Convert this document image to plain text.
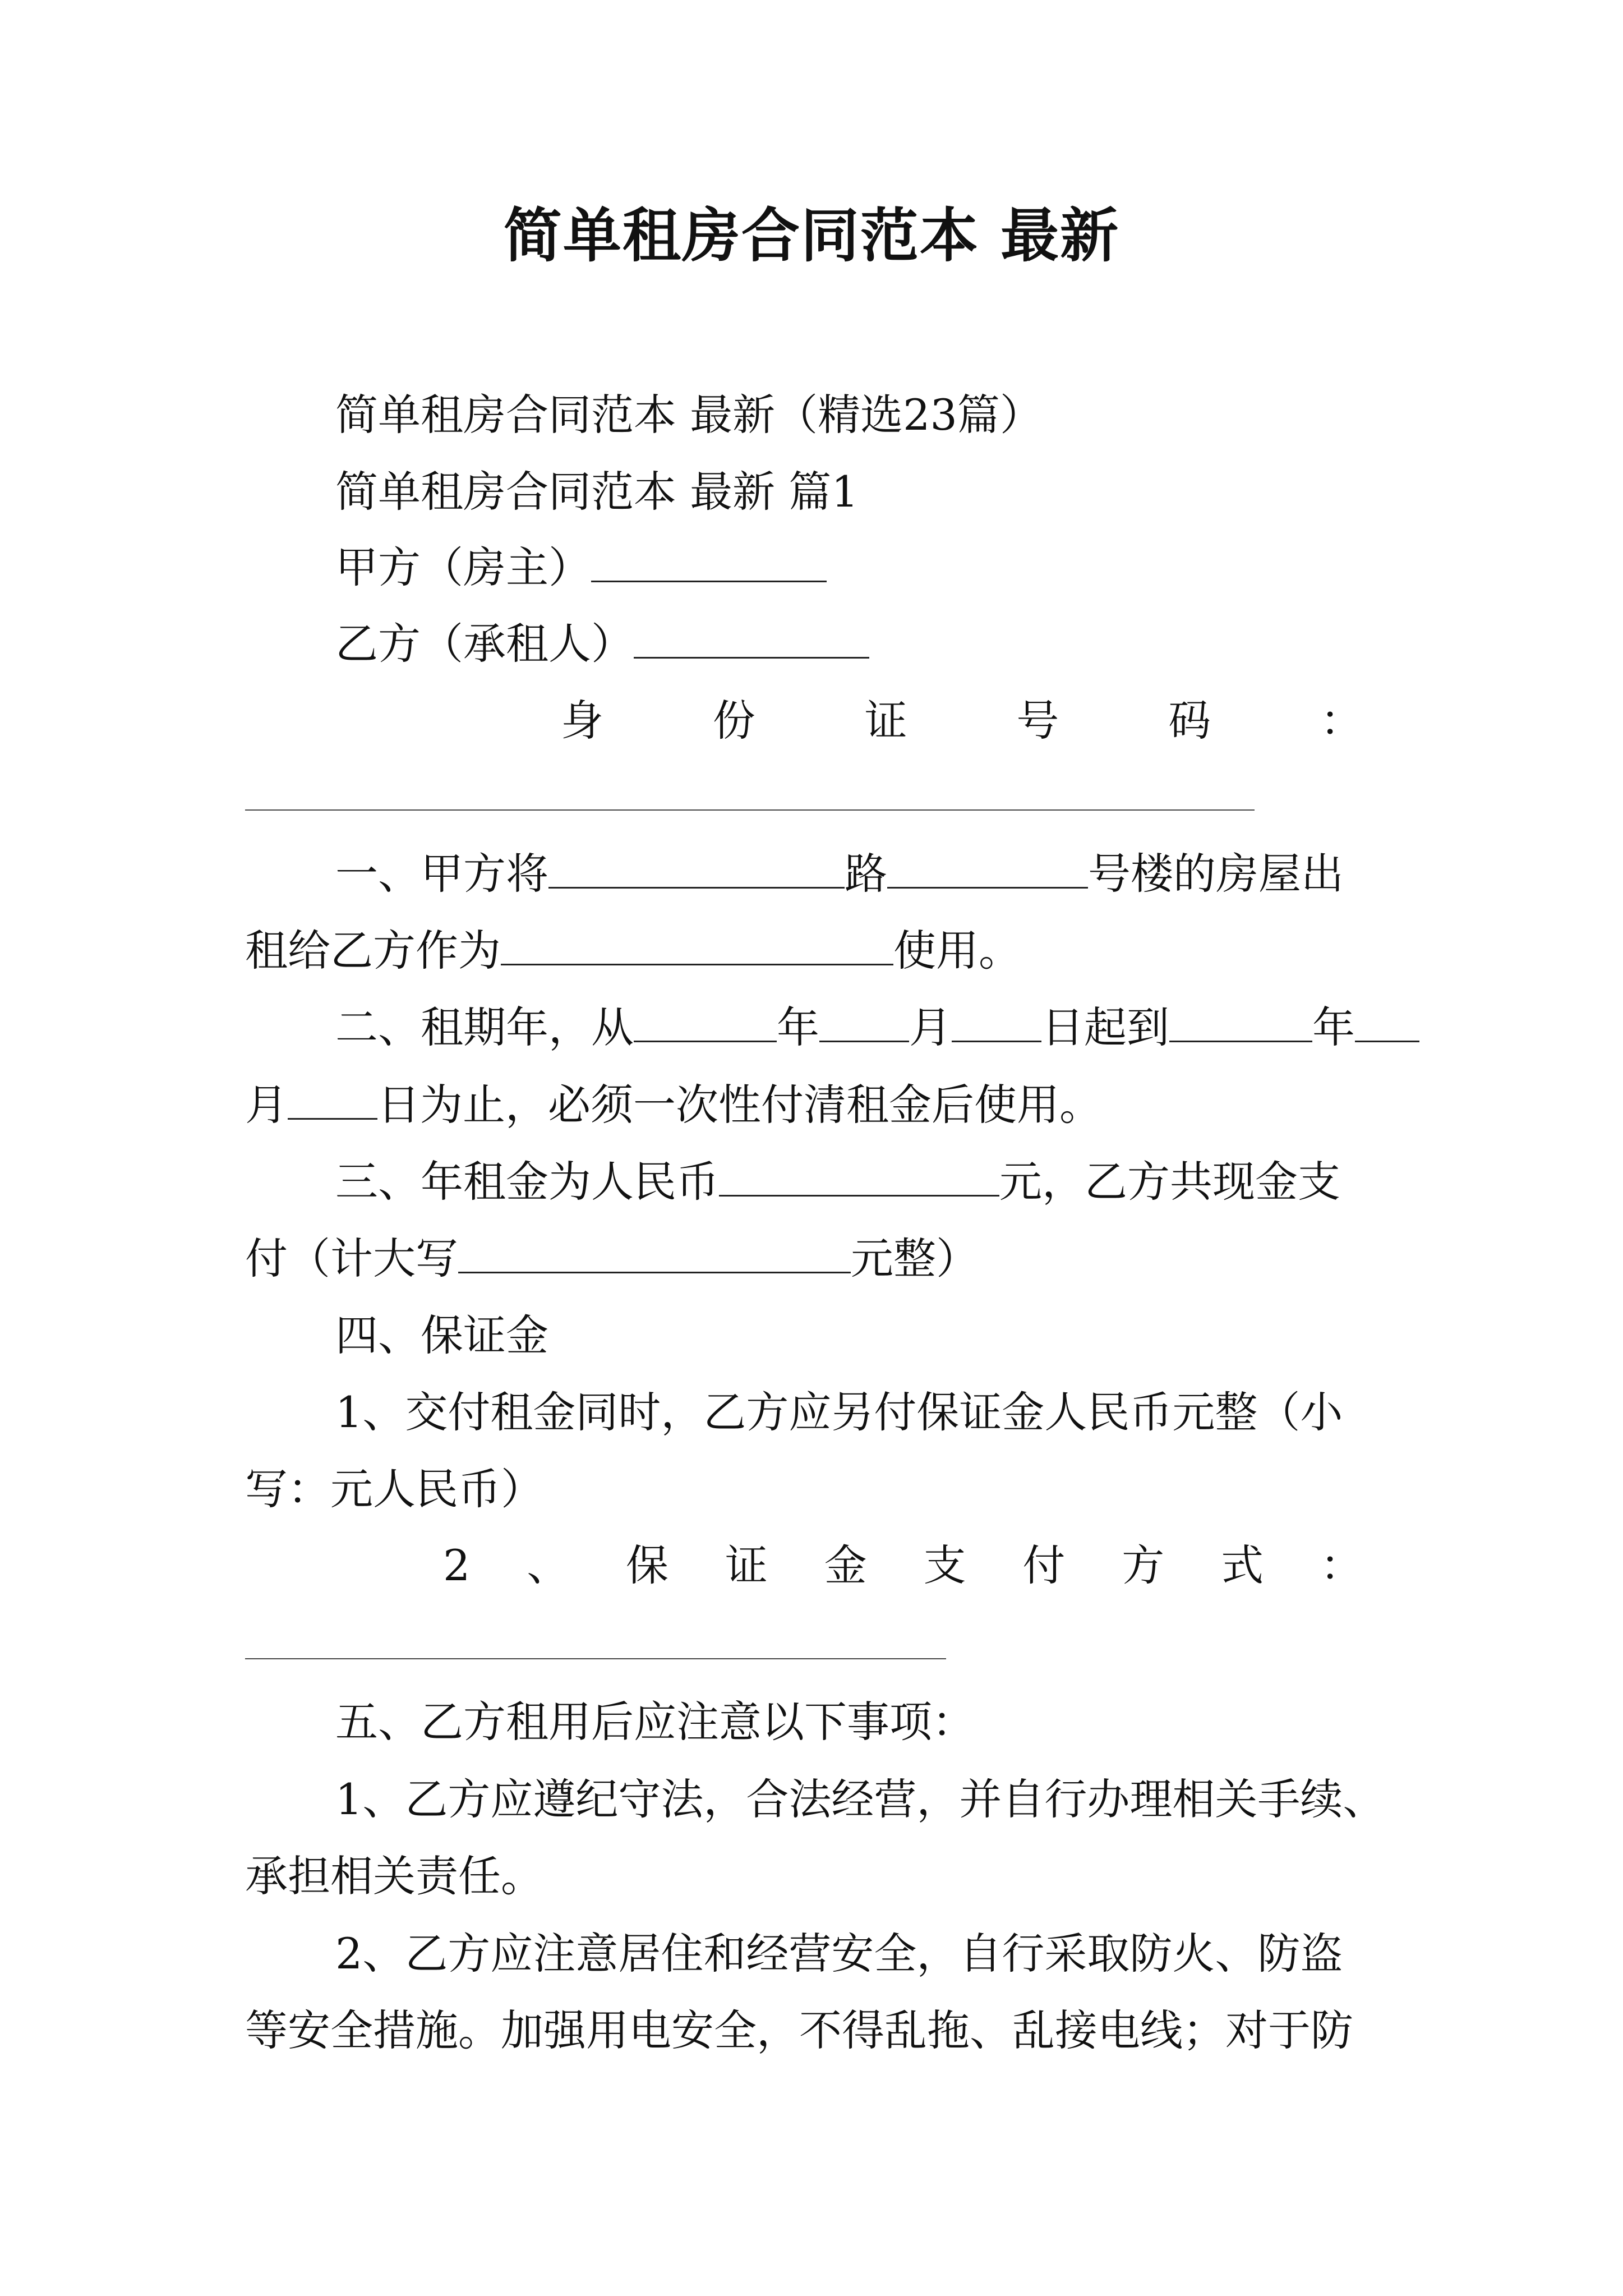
简单租房合同范本 最新
简单租房合同范本 最新（精选23篇）
简单租房合同范本 最新 篇1
甲方（房主）
乙方（承租人）
身	份	证	号	码	：
一、甲方将	路	号楼的房屋出
租给乙方作为	使用。
二、租期年，从	年 月 日起到	年
月 日为止，必须一次性付清租金后使用。
三、年租金为人民币	元，乙方共现金支
付（计大写	元整）
四、保证金
1、交付租金同时，乙方应另付保证金人民币元整（小
写：元人民币）
2 、 保 证 金 支 付 方 式 ：
五、乙方租用后应注意以下事项：
1、乙方应遵纪守法，合法经营，并自行办理相关手续、
承担相关责任。
2、乙方应注意居住和经营安全，自行采取防火、防盗
等安全措施。加强用电安全，不得乱拖、乱接电线；对于防
